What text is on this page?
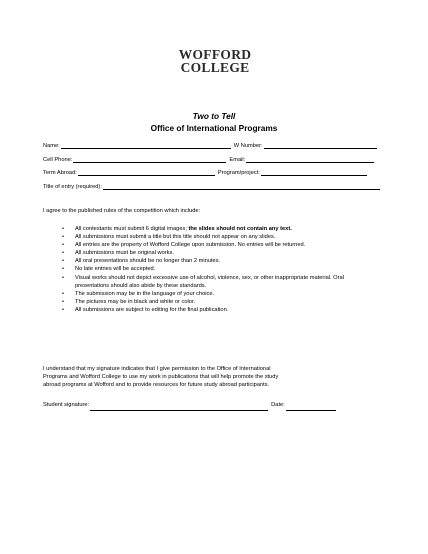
WOFFORD
COLLEGE
Two to Tell
Office of International Programs
Name:	W Number:
Cell Phone:	Email:
Term Abroad:	Program/project:
Title of entry (required):
I agree to the published rules of the competition which include:
• All contestants must submit 6 digital images; the slides should not contain any text.
• All submissions must submit a title but this title should not appear on any slides.
• All entries are the property of Wofford College upon submission. No entries will be returned.
• All submissions must be original works.
• All oral presentations should be no longer than 2 minutes.
• No late entries will be accepted.
• Visual works should not depict excessive use of alcohol, violence, sex, or other inappropriate material. Oral presentations should also abide by these standards.
• The submission may be in the language of your choice.
• The pictures may be in black and white or color.
• All submissions are subject to editing for the final publication.
I understand that my signature indicates that I give permission to the Office of International
Programs and Wofford College to use my work in publications that will help promote the study
abroad programs at Wofford and to provide resources for future study abroad participants.
Student signature:	Date:
